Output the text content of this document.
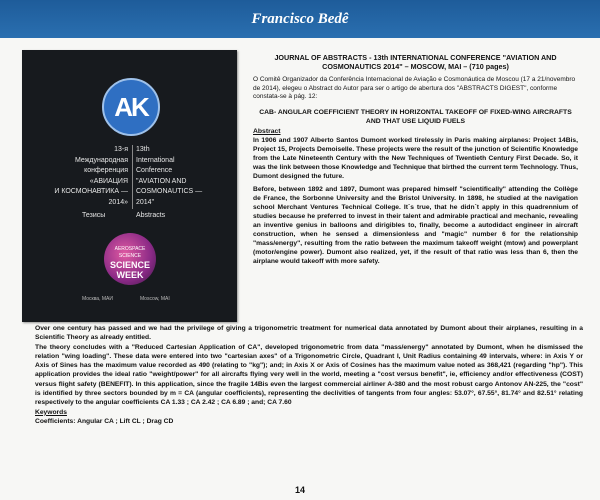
Francisco Bedê
AK
13-я
Международная
конференция
«АВИАЦИЯ
И КОСМОНАВТИКА —
2014»
13th
International
Conference
"AVIATION AND
COSMONAUTICS —
2014"
Тезисы	Abstracts
AEROSPACE SCIENCE
SCIENCE WEEK
Москва, МАИ	Moscow, MAI
JOURNAL OF ABSTRACTS - 13th INTERNATIONAL CONFERENCE "AVIATION AND COSMONAUTICS 2014" – MOSCOW, MAI – (710 pages)
O Comitê Organizador da Conferência Internacional de Aviação e Cosmonáutica de Moscou (17 a 21/novembro de 2014), elegeu o Abstract do Autor para ser o artigo de abertura dos "ABSTRACTS DIGEST", conforme constata-se à pág. 12:
CAB- ANGULAR COEFFICIENT THEORY IN HORIZONTAL TAKEOFF OF FIXED-WING AIRCRAFTS AND THAT USE LIQUID FUELS
Abstract
In 1906 and 1907 Alberto Santos Dumont worked tirelessly in Paris making airplanes: Project 14Bis, Project 15, Projects Demoiselle. These projects were the result of the junction of Scientific Knowledge from the Late Nineteenth Century with the New Techniques of Twentieth Century First Decade. So, it was the link between those Knowledge and Technique that birthed the current term Technology. Thus, Dumont designed the future.
Before, between 1892 and 1897, Dumont was prepared himself "scientifically" attending the Collège de France, the Sorbonne University and the Bristol University. In 1898, he studied at the navigation school Merchant Ventures Technical College. It´s true, that he didn´t apply in this quadrennium of studies because he preferred to invest in their talent and admirable practical and mechanic, revealing an inventive genius in balloons and dirigibles to, finally, become a autodidact engineer in aircraft construction, when he sensed a dimensionless and "magic" number 6 for the relationship "mass/energy", resulting from the ratio between the maximum takeoff weight (mtow) and powerplant (motor/engine power). Dumont also realized, yet, if the result of that ratio was less than 6, then the airplane would takeoff with more safety.
Over one century has passed and we had the privilege of giving a trigonometric treatment for numerical data annotated by Dumont about their airplanes, resulting in a Scientific Theory as already entitled.
The theory concludes with a "Reduced Cartesian Application of CA", developed trigonometric from data "mass/energy" annotated by Dumont, when he dismissed the relation "wing loading". These data were entered into two "cartesian axes" of a Trigonometric Circle, Quadrant I, Unit Radius containing 49 intervals, where: in Axis Y or Axis of Sines has the maximum value recorded as 490 (relating to "kg"); and; in Axis X or Axis of Cosines has the maximum value noted as 368,421 (regarding "hp"). This application provides the ideal ratio "weight/power" for all aircrafts flying very well in the world, meeting a "cost versus benefit", ie, efficiency and/or effectiveness (COST) versus flight safety (BENEFIT). In this application, since the fragile 14Bis even the largest commercial airliner A-380 and the most robust cargo Antonov AN-225, the "cost" is identified by three sectors bounded by m = CA (angular coefficients), representing the declivities of tangents from four angles: 53.07°, 67.55°, 81.74° and 82.51° relating respectively to the angular coefficients CA 1.33 ; CA 2.42 ; CA 6.89 ; and; CA 7.60
Keywords
Coefficients: Angular CA ; Lift CL ; Drag CD
14
